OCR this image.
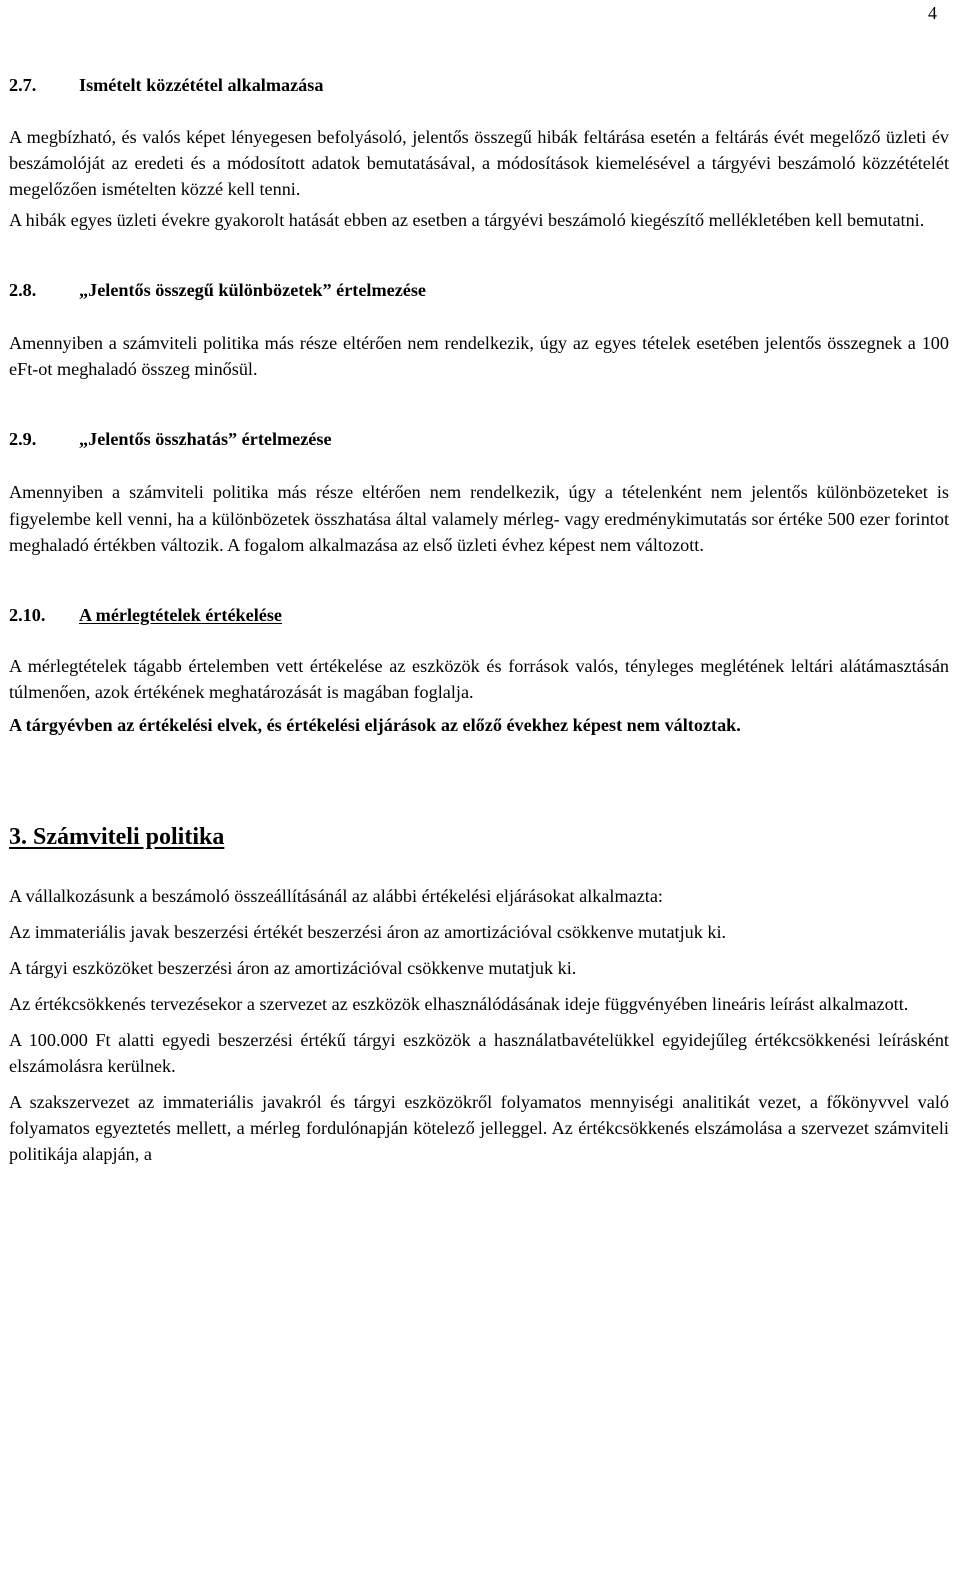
4
2.7. Ismételt közzététel alkalmazása

A megbízható, és valós képet lényegesen befolyásoló, jelentős összegű hibák feltárása esetén a feltárás évét megelőző üzleti év beszámolóját az eredeti és a módosított adatok bemutatásával, a módosítások kiemelésével a tárgyévi beszámoló közzétételét megelőzően ismételten közzé kell tenni.

A hibák egyes üzleti évekre gyakorolt hatását ebben az esetben a tárgyévi beszámoló kiegészítő mellékletében kell bemutatni.

2.8. „Jelentős összegű különbözetek” értelmezése

Amennyiben a számviteli politika más része eltérően nem rendelkezik, úgy az egyes tételek esetében jelentős összegnek a 100 eFt-ot meghaladó összeg minősül.

2.9. „Jelentős összhatás” értelmezése

Amennyiben a számviteli politika más része eltérően nem rendelkezik, úgy a tételenként nem jelentős különbözeteket is figyelembe kell venni, ha a különbözetek összhatása által valamely mérleg- vagy eredménykimutatás sor értéke 500 ezer forintot meghaladó értékben változik. A fogalom alkalmazása az első üzleti évhez képest nem változott.

2.10. A mérlegtételek értékelése

A mérlegtételek tágabb értelemben vett értékelése az eszközök és források valós, tényleges meglétének leltári alátámasztásán túlmenően, azok értékének meghatározását is magában foglalja.

A tárgyévben az értékelési elvek, és értékelési eljárások az előző évekhez képest nem változtak.

3. Számviteli politika

A vállalkozásunk a beszámoló összeállításánál az alábbi értékelési eljárásokat alkalmazta:

Az immateriális javak beszerzési értékét beszerzési áron az amortizációval csökkenve mutatjuk ki.

A tárgyi eszközöket beszerzési áron az amortizációval csökkenve mutatjuk ki.

Az értékcsökkenés tervezésekor a szervezet az eszközök elhasználódásának ideje függvényében lineáris leírást alkalmazott.

A 100.000 Ft alatti egyedi beszerzési értékű tárgyi eszközök a használatbavételükkel egyidejűleg értékcsökkenési leírásként elszámolásra kerülnek.

A szakszervezet az immateriális javakról és tárgyi eszközökről folyamatos mennyiségi analitikát vezet, a főkönyvvel való folyamatos egyeztetés mellett, a mérleg fordulónapján kötelező jelleggel. Az értékcsökkenés elszámolása a szervezet számviteli politikája alapján, a
